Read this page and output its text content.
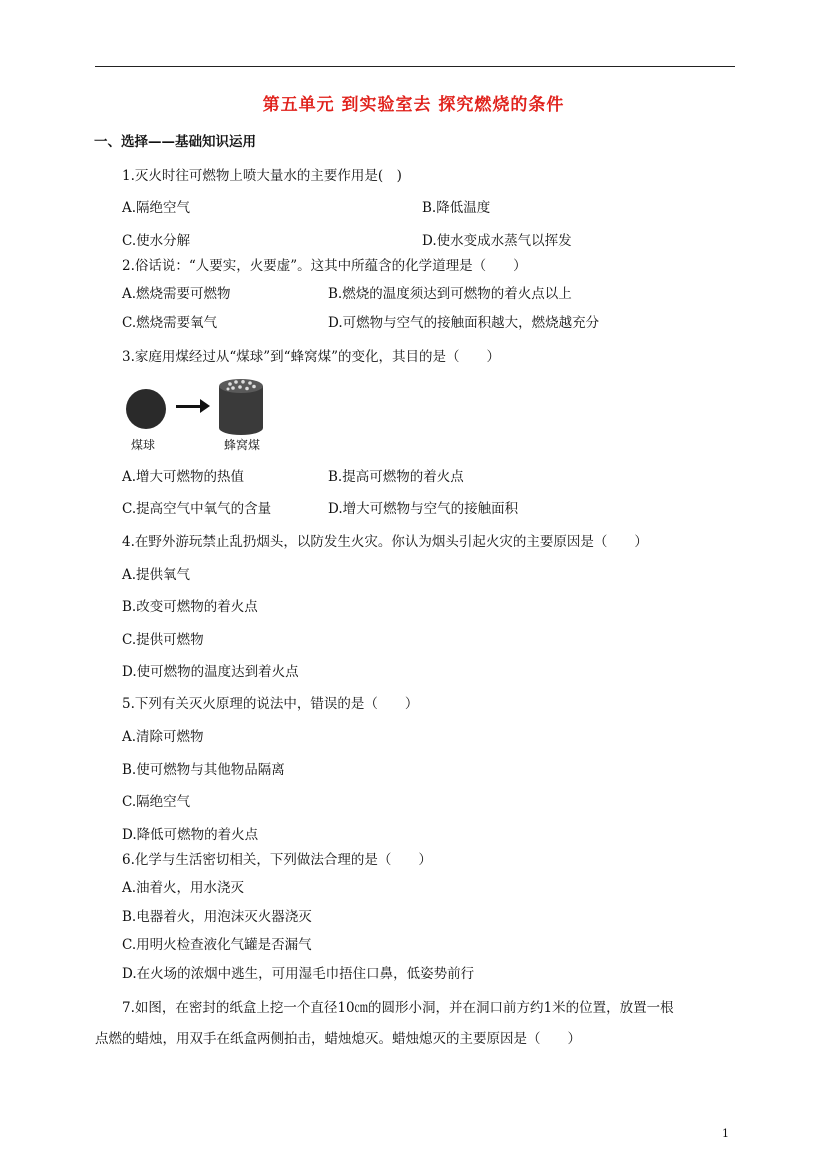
第五单元 到实验室去 探究燃烧的条件
一、选择——基础知识运用
1.灭火时往可燃物上喷大量水的主要作用是(　)
A.隔绝空气	B.降低温度
C.使水分解	D.使水变成水蒸气以挥发
2.俗话说：“人要实，火要虚”。这其中所蕴含的化学道理是（　　）
A.燃烧需要可燃物	B.燃烧的温度须达到可燃物的着火点以上
C.燃烧需要氧气	D.可燃物与空气的接触面积越大，燃烧越充分
3.家庭用煤经过从“煤球”到“蜂窝煤”的变化，其目的是（　　）
煤球	蜂窝煤
A.增大可燃物的热值	B.提高可燃物的着火点
C.提高空气中氧气的含量	D.增大可燃物与空气的接触面积
4.在野外游玩禁止乱扔烟头，以防发生火灾。你认为烟头引起火灾的主要原因是（　　）
A.提供氧气
B.改变可燃物的着火点
C.提供可燃物
D.使可燃物的温度达到着火点
5.下列有关灭火原理的说法中，错误的是（　　）
A.清除可燃物
B.使可燃物与其他物品隔离
C.隔绝空气
D.降低可燃物的着火点
6.化学与生活密切相关，下列做法合理的是（　　）
A.油着火，用水浇灭
B.电器着火，用泡沫灭火器浇灭
C.用明火检查液化气罐是否漏气
D.在火场的浓烟中逃生，可用湿毛巾捂住口鼻，低姿势前行
7.如图，在密封的纸盒上挖一个直径10㎝的圆形小洞，并在洞口前方约1米的位置，放置一根
点燃的蜡烛，用双手在纸盒两侧拍击，蜡烛熄灭。蜡烛熄灭的主要原因是（　　）
1
